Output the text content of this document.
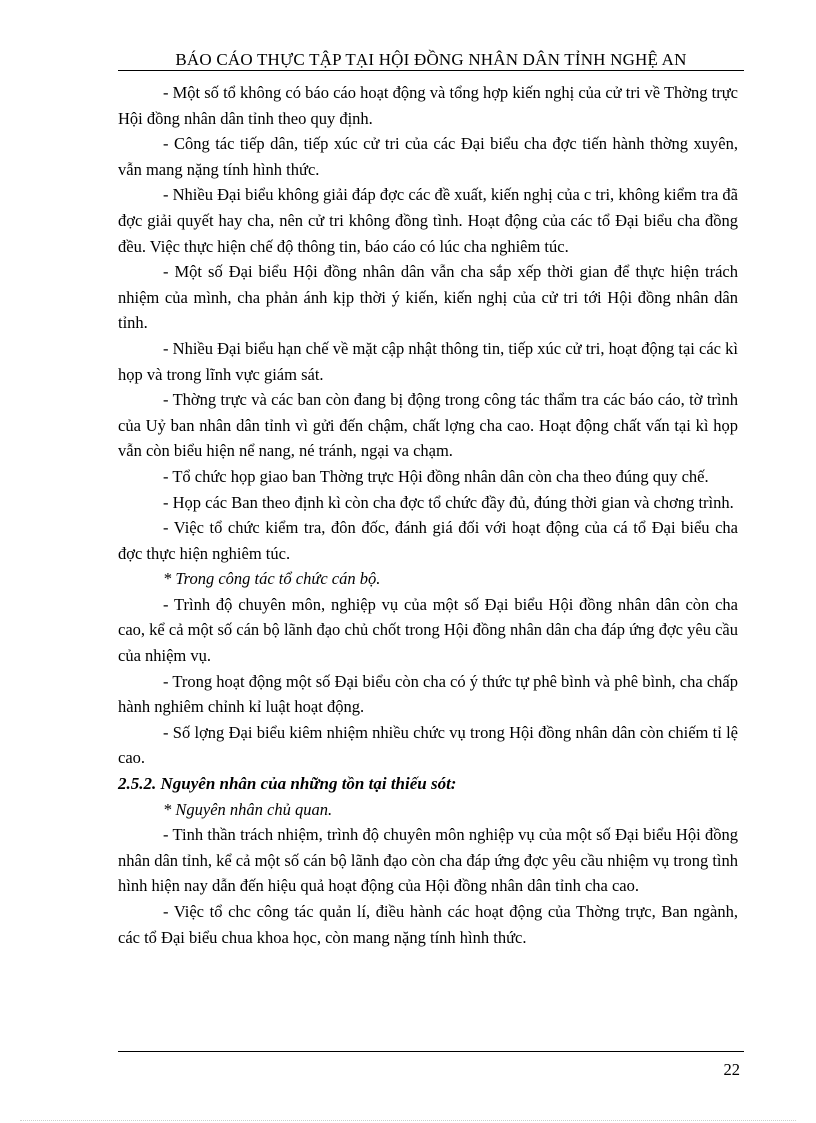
BÁO CÁO THỰC TẬP TẠI HỘI ĐỒNG NHÂN DÂN TỈNH NGHỆ AN

- Một số tổ không có báo cáo hoạt động và tổng hợp kiến nghị của cử tri về Thờng trực Hội đồng nhân dân tỉnh theo quy định.

- Công tác tiếp dân, tiếp xúc cử tri của các Đại biểu cha đợc tiến hành thờng xuyên, vẫn mang nặng tính hình thức.

- Nhiều Đại biểu không giải đáp đợc các đề xuất, kiến nghị của c tri, không kiểm tra đã đợc giải quyết hay cha, nên cử tri không đồng tình. Hoạt động của các tổ Đại biểu cha đồng đều. Việc thực hiện chế độ thông tin, báo cáo có lúc cha nghiêm túc.

- Một số Đại biểu Hội đồng nhân dân vẫn cha sắp xếp thời gian để thực hiện trách nhiệm của mình, cha phản ánh kịp thời ý kiến, kiến nghị của cử tri tới Hội đồng nhân dân tỉnh.

- Nhiều Đại biểu hạn chế về mặt cập nhật thông tin, tiếp xúc cử tri, hoạt động tại các kì họp và trong lĩnh vực giám sát.

- Thờng trực và các ban còn đang bị động trong công tác thẩm tra các báo cáo, tờ trình của Uỷ ban nhân dân tỉnh vì gửi đến chậm, chất lợng cha cao. Hoạt động chất vấn tại kì họp vẫn còn biểu hiện nể nang, né tránh, ngại va chạm.

- Tổ chức họp giao ban Thờng trực Hội đồng nhân dân còn cha theo đúng quy chế.

- Họp các Ban theo định kì còn cha đợc tổ chức đầy đủ, đúng thời gian và chơng trình.

- Việc tổ chức kiểm tra, đôn đốc, đánh giá đối với hoạt động của cá tổ Đại biểu cha đợc thực hiện nghiêm túc.

* Trong công tác tổ chức cán bộ.

- Trình độ chuyên môn, nghiệp vụ của một số Đại biểu Hội đồng nhân dân còn cha cao, kể cả một số cán bộ lãnh đạo chủ chốt trong Hội đồng nhân dân cha đáp ứng đợc yêu cầu của nhiệm vụ.

- Trong hoạt động một số Đại biểu còn cha có ý thức tự phê bình và phê bình, cha chấp hành nghiêm chỉnh kỉ luật hoạt động.

- Số lợng Đại biểu kiêm nhiệm nhiều chức vụ trong Hội đồng nhân dân còn chiếm tỉ lệ cao.

2.5.2. Nguyên nhân của những tồn tại thiếu sót:

* Nguyên nhân chủ quan.

- Tinh thần trách nhiệm, trình độ chuyên môn nghiệp vụ của một số Đại biểu Hội đồng nhân dân tỉnh, kể cả một số cán bộ lãnh đạo còn cha đáp ứng đợc yêu cầu nhiệm vụ trong tình hình hiện nay dẫn đến hiệu quả hoạt động của Hội đồng nhân dân tỉnh cha cao.

- Việc tổ chc công tác quản lí, điều hành các hoạt động của Thờng trực, Ban ngành, các tổ Đại biểu chua khoa học, còn mang nặng tính hình thức.

22
